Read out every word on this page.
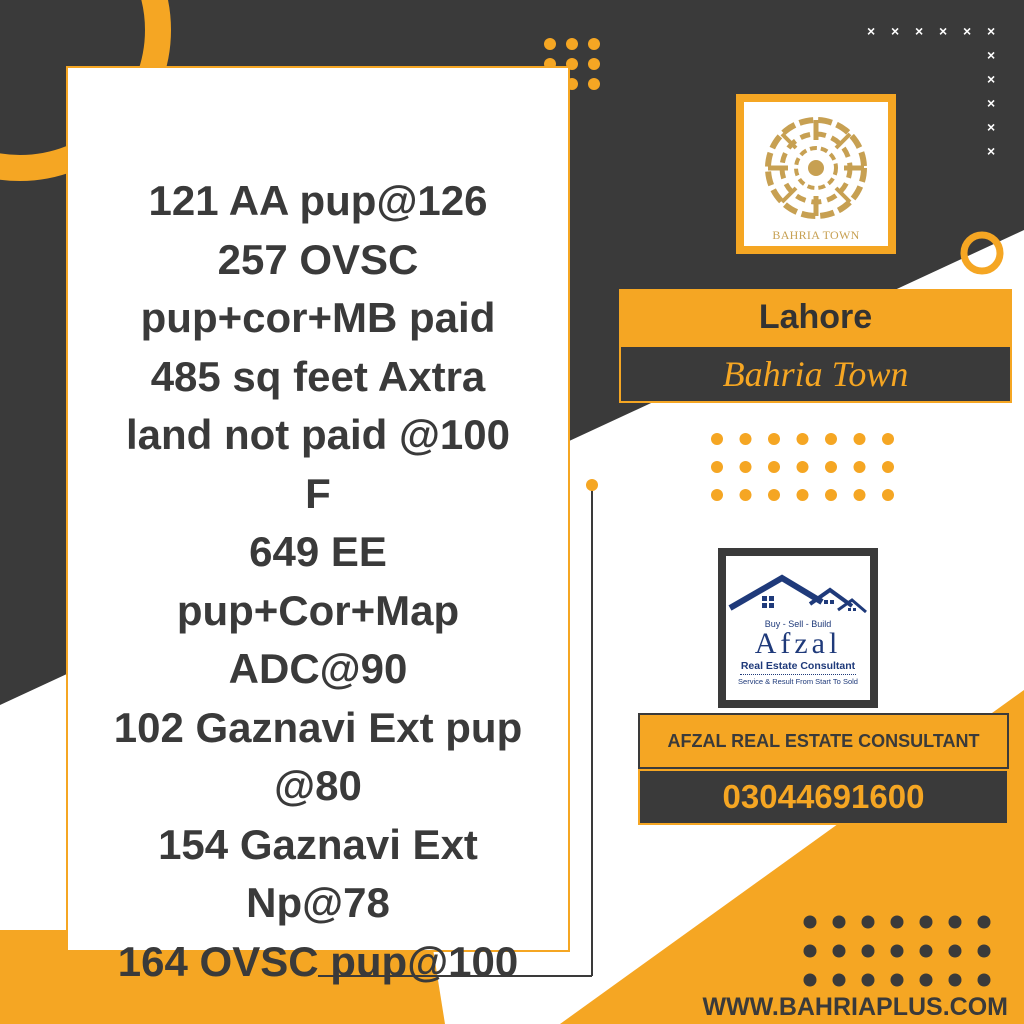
× × × × × ×
×
×
×
×
×
121 AA pup@126
257 OVSC
pup+cor+MB paid
485 sq feet Axtra
land not paid @100
F
649 EE
pup+Cor+Map
ADC@90
102 Gaznavi Ext pup
@80
154 Gaznavi Ext
Np@78
164 OVSC pup@100
BAHRIA TOWN
Lahore
Bahria Town
Buy - Sell - Build
Afzal
Real Estate Consultant
Service & Result From Start To Sold
AFZAL REAL ESTATE CONSULTANT
03044691600
WWW.BAHRIAPLUS.COM
